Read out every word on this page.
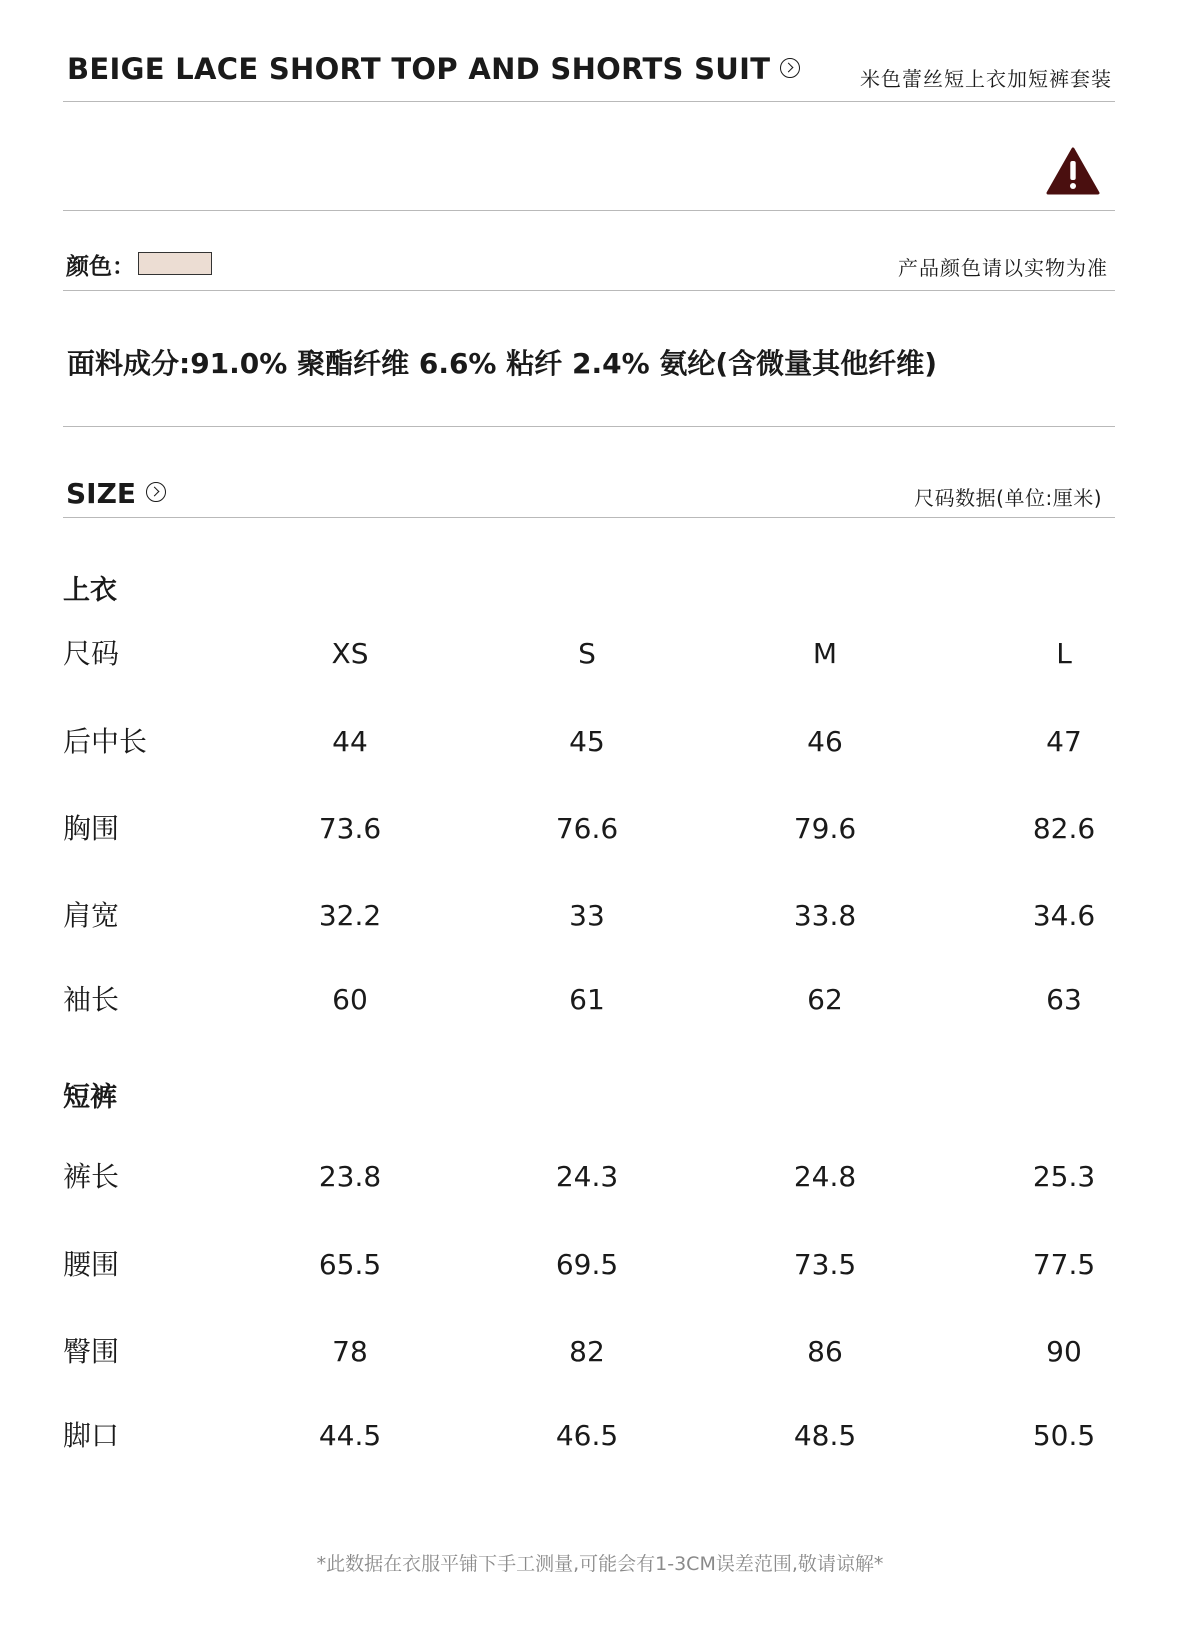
BEIGE LACE SHORT TOP AND SHORTS SUIT	米色蕾丝短上衣加短裤套装
颜色：	产品颜色请以实物为准
面料成分:91.0% 聚酯纤维 6.6% 粘纤 2.4% 氨纶(含微量其他纤维)
SIZE	尺码数据(单位:厘米)
上衣
尺码	XS	S	M	L
后中长	44	45	46	47
胸围	73.6	76.6	79.6	82.6
肩宽	32.2	33	33.8	34.6
袖长	60	61	62	63
短裤
裤长	23.8	24.3	24.8	25.3
腰围	65.5	69.5	73.5	77.5
臀围	78	82	86	90
脚口	44.5	46.5	48.5	50.5
*此数据在衣服平铺下手工测量,可能会有1-3CM误差范围,敬请谅解*
